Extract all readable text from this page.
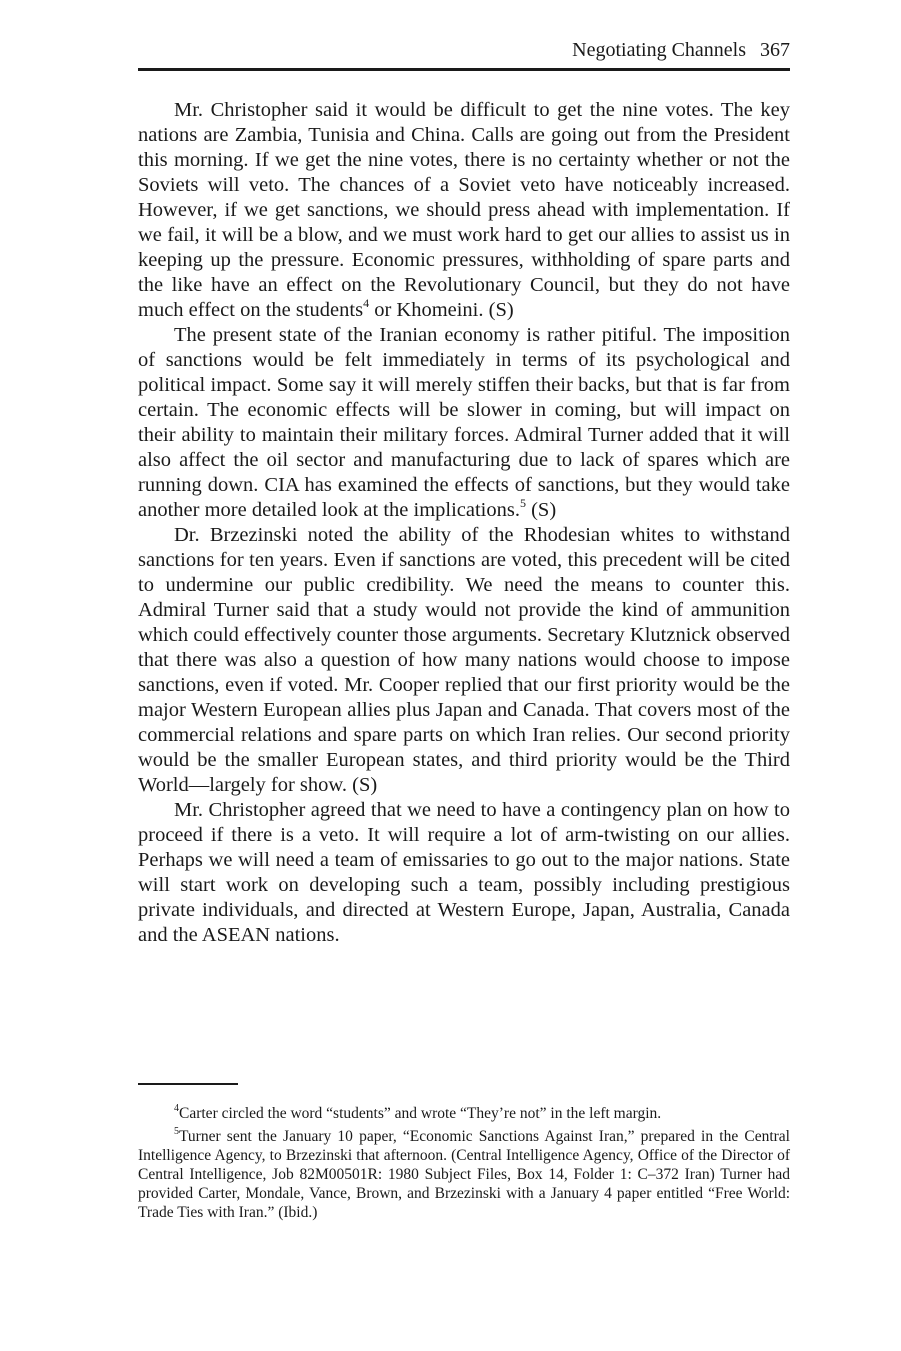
Negotiating Channels 367

Mr. Christopher said it would be difficult to get the nine votes. The key nations are Zambia, Tunisia and China. Calls are going out from the President this morning. If we get the nine votes, there is no certainty whether or not the Soviets will veto. The chances of a Soviet veto have noticeably increased. However, if we get sanctions, we should press ahead with implementation. If we fail, it will be a blow, and we must work hard to get our allies to assist us in keeping up the pressure. Economic pressures, withholding of spare parts and the like have an effect on the Revolutionary Council, but they do not have much effect on the students$^4$ or Khomeini. (S)

The present state of the Iranian economy is rather pitiful. The imposition of sanctions would be felt immediately in terms of its psychological and political impact. Some say it will merely stiffen their backs, but that is far from certain. The economic effects will be slower in coming, but will impact on their ability to maintain their military forces. Admiral Turner added that it will also affect the oil sector and manufacturing due to lack of spares which are running down. CIA has examined the effects of sanctions, but they would take another more detailed look at the implications.$^5$ (S)

Dr. Brzezinski noted the ability of the Rhodesian whites to withstand sanctions for ten years. Even if sanctions are voted, this precedent will be cited to undermine our public credibility. We need the means to counter this. Admiral Turner said that a study would not provide the kind of ammunition which could effectively counter those arguments. Secretary Klutznick observed that there was also a question of how many nations would choose to impose sanctions, even if voted. Mr. Cooper replied that our first priority would be the major Western European allies plus Japan and Canada. That covers most of the commercial relations and spare parts on which Iran relies. Our second priority would be the smaller European states, and third priority would be the Third World—largely for show. (S)

Mr. Christopher agreed that we need to have a contingency plan on how to proceed if there is a veto. It will require a lot of arm-twisting on our allies. Perhaps we will need a team of emissaries to go out to the major nations. State will start work on developing such a team, possibly including prestigious private individuals, and directed at Western Europe, Japan, Australia, Canada and the ASEAN nations.

$^4$Carter circled the word “students” and wrote “They’re not” in the left margin.

$^5$Turner sent the January 10 paper, “Economic Sanctions Against Iran,” prepared in the Central Intelligence Agency, to Brzezinski that afternoon. (Central Intelligence Agency, Office of the Director of Central Intelligence, Job 82M00501R: 1980 Subject Files, Box 14, Folder 1: C–372 Iran) Turner had provided Carter, Mondale, Vance, Brown, and Brzezinski with a January 4 paper entitled “Free World: Trade Ties with Iran.” (Ibid.)
